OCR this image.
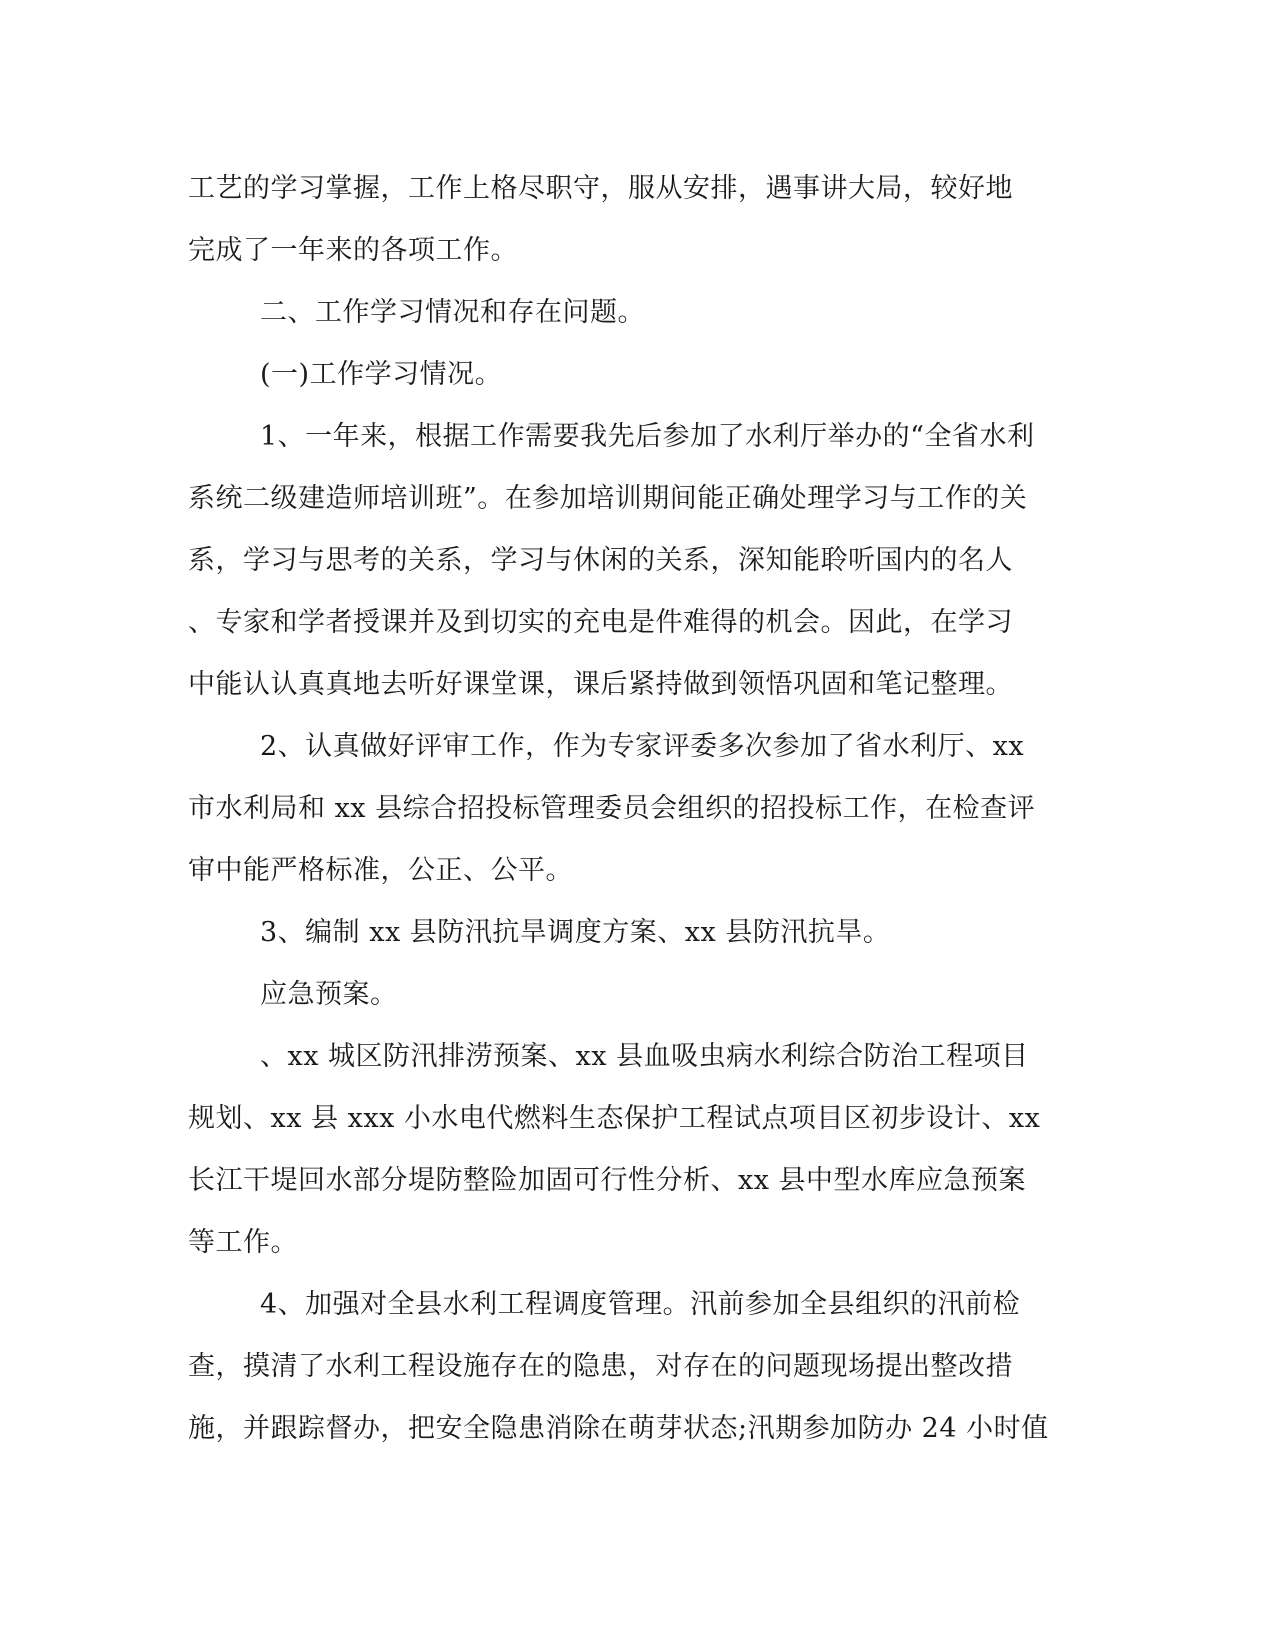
工艺的学习掌握，工作上格尽职守，服从安排，遇事讲大局，较好地
完成了一年来的各项工作。
二、工作学习情况和存在问题。
(一)工作学习情况。
1、一年来，根据工作需要我先后参加了水利厅举办的“全省水利
系统二级建造师培训班”。在参加培训期间能正确处理学习与工作的关
系，学习与思考的关系，学习与休闲的关系，深知能聆听国内的名人
、专家和学者授课并及到切实的充电是件难得的机会。因此，在学习
中能认认真真地去听好课堂课，课后紧持做到领悟巩固和笔记整理。
2、认真做好评审工作，作为专家评委多次参加了省水利厅、xx
市水利局和 xx 县综合招投标管理委员会组织的招投标工作，在检查评
审中能严格标准，公正、公平。
3、编制 xx 县防汛抗旱调度方案、xx 县防汛抗旱。
应急预案。
、xx 城区防汛排涝预案、xx 县血吸虫病水利综合防治工程项目
规划、xx 县 xxx 小水电代燃料生态保护工程试点项目区初步设计、xx
长江干堤回水部分堤防整险加固可行性分析、xx 县中型水库应急预案
等工作。
4、加强对全县水利工程调度管理。汛前参加全县组织的汛前检
查，摸清了水利工程设施存在的隐患，对存在的问题现场提出整改措
施，并跟踪督办，把安全隐患消除在萌芽状态;汛期参加防办 24 小时值
